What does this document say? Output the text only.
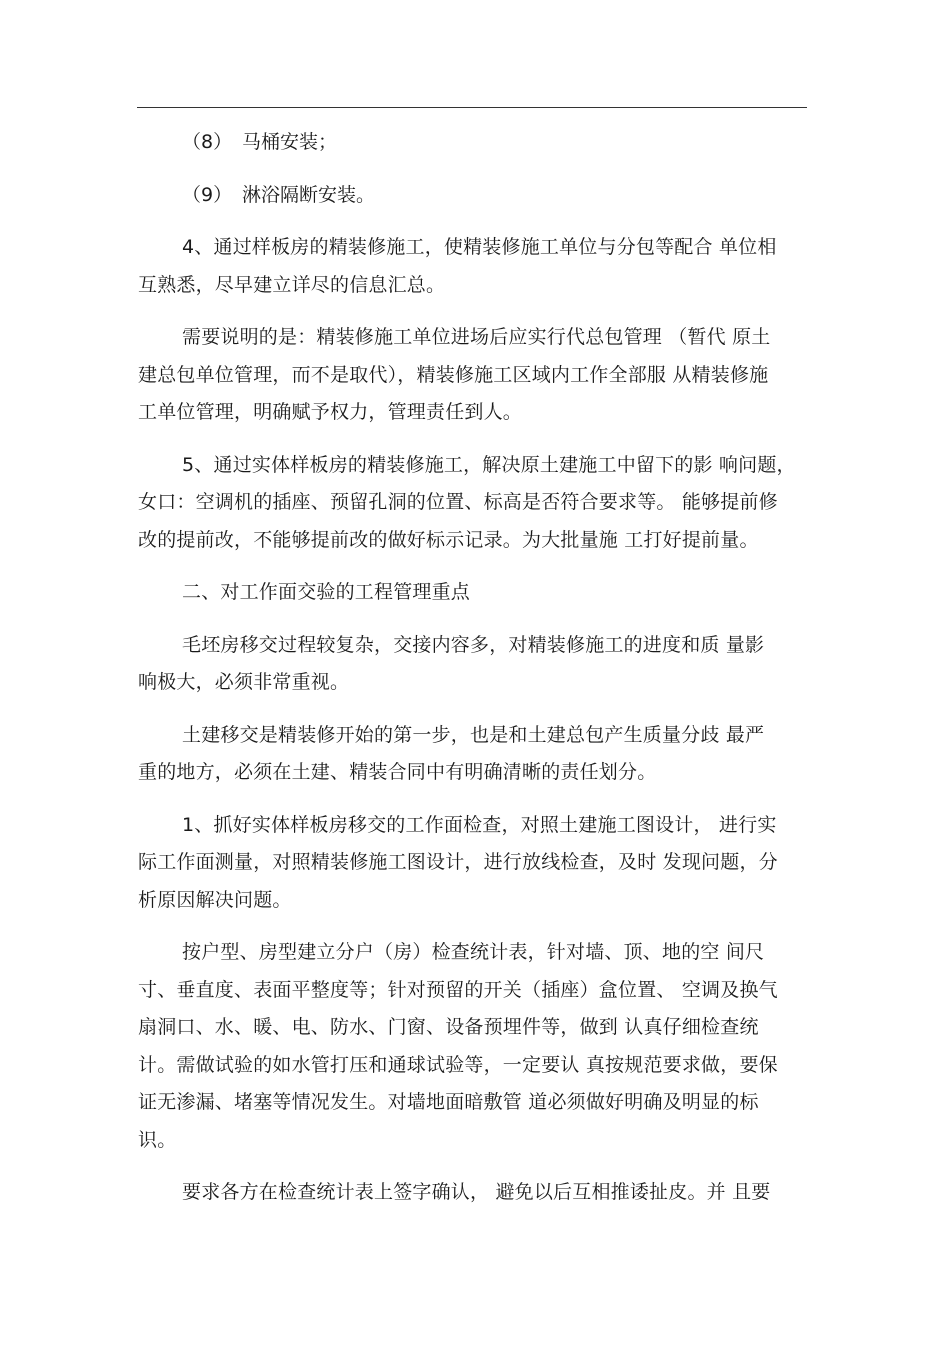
（8） 马桶安装；
（9） 淋浴隔断安装。

4、通过样板房的精装修施工，使精装修施工单位与分包等配合 单位相
互熟悉，尽早建立详尽的信息汇总。

需要说明的是：精装修施工单位进场后应实行代总包管理 （暂代 原土
建总包单位管理，而不是取代），精装修施工区域内工作全部服 从精装修施
工单位管理，明确赋予权力，管理责任到人。

5、通过实体样板房的精装修施工，解决原土建施工中留下的影 响问题，
女口：空调机的插座、预留孔洞的位置、标高是否符合要求等。 能够提前修
改的提前改，不能够提前改的做好标示记录。为大批量施 工打好提前量。

二、对工作面交验的工程管理重点

毛坯房移交过程较复杂，交接内容多，对精装修施工的进度和质 量影
响极大，必须非常重视。

土建移交是精装修开始的第一步，也是和土建总包产生质量分歧 最严
重的地方，必须在土建、精装合同中有明确清晰的责任划分。

1、抓好实体样板房移交的工作面检查，对照土建施工图设计， 进行实
际工作面测量，对照精装修施工图设计，进行放线检查，及时 发现问题，分
析原因解决问题。

按户型、房型建立分户（房）检查统计表，针对墙、顶、地的空 间尺
寸、垂直度、表面平整度等；针对预留的开关（插座）盒位置、 空调及换气
扇洞口、水、暖、电、防水、门窗、设备预埋件等，做到 认真仔细检查统
计。需做试验的如水管打压和通球试验等，一定要认 真按规范要求做，要保
证无渗漏、堵塞等情况发生。对墙地面暗敷管 道必须做好明确及明显的标
识。

要求各方在检查统计表上签字确认， 避免以后互相推诿扯皮。并 且要
